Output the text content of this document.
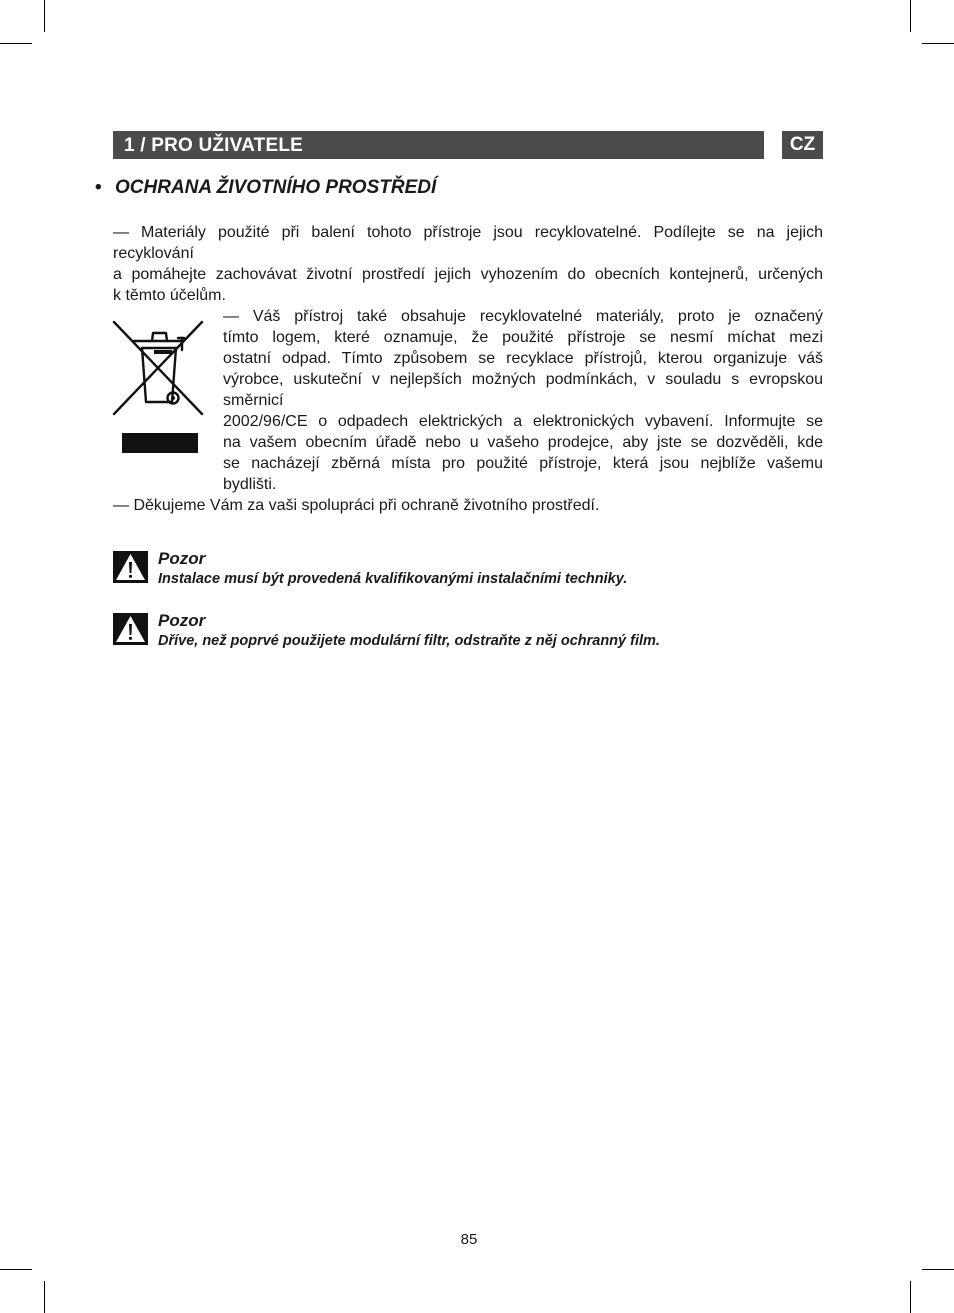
1 / PRO UŽIVATELE	CZ
• OCHRANA ŽIVOTNÍHO PROSTŘEDÍ
— Materiály použité při balení tohoto přístroje jsou recyklovatelné. Podílejte se na jejich
recyklování
a pomáhejte zachovávat životní prostředí jejich vyhozením do obecních kontejnerů, určených
k těmto účelům.
— Váš přístroj také obsahuje recyklovatelné materiály, proto je označený
tímto logem, které oznamuje, že použité přístroje se nesmí míchat mezi
ostatní odpad. Tímto způsobem se recyklace přístrojů, kterou organizuje váš
výrobce, uskuteční v nejlepších možných podmínkách, v souladu s evropskou
směrnicí
2002/96/CE o odpadech elektrických a elektronických vybavení. Informujte se
na vašem obecním úřadě nebo u vašeho prodejce, aby jste se dozvěděli, kde
se nacházejí zběrná místa pro použité přístroje, která jsou nejblíže vašemu
bydlišti.
— Děkujeme Vám za vaši spolupráci při ochraně životního prostředí.
Pozor
Instalace musí být provedená kvalifikovanými instalačními techniky.
Pozor
Dříve, než poprvé použijete modulární filtr, odstraňte z něj ochranný film.
85
